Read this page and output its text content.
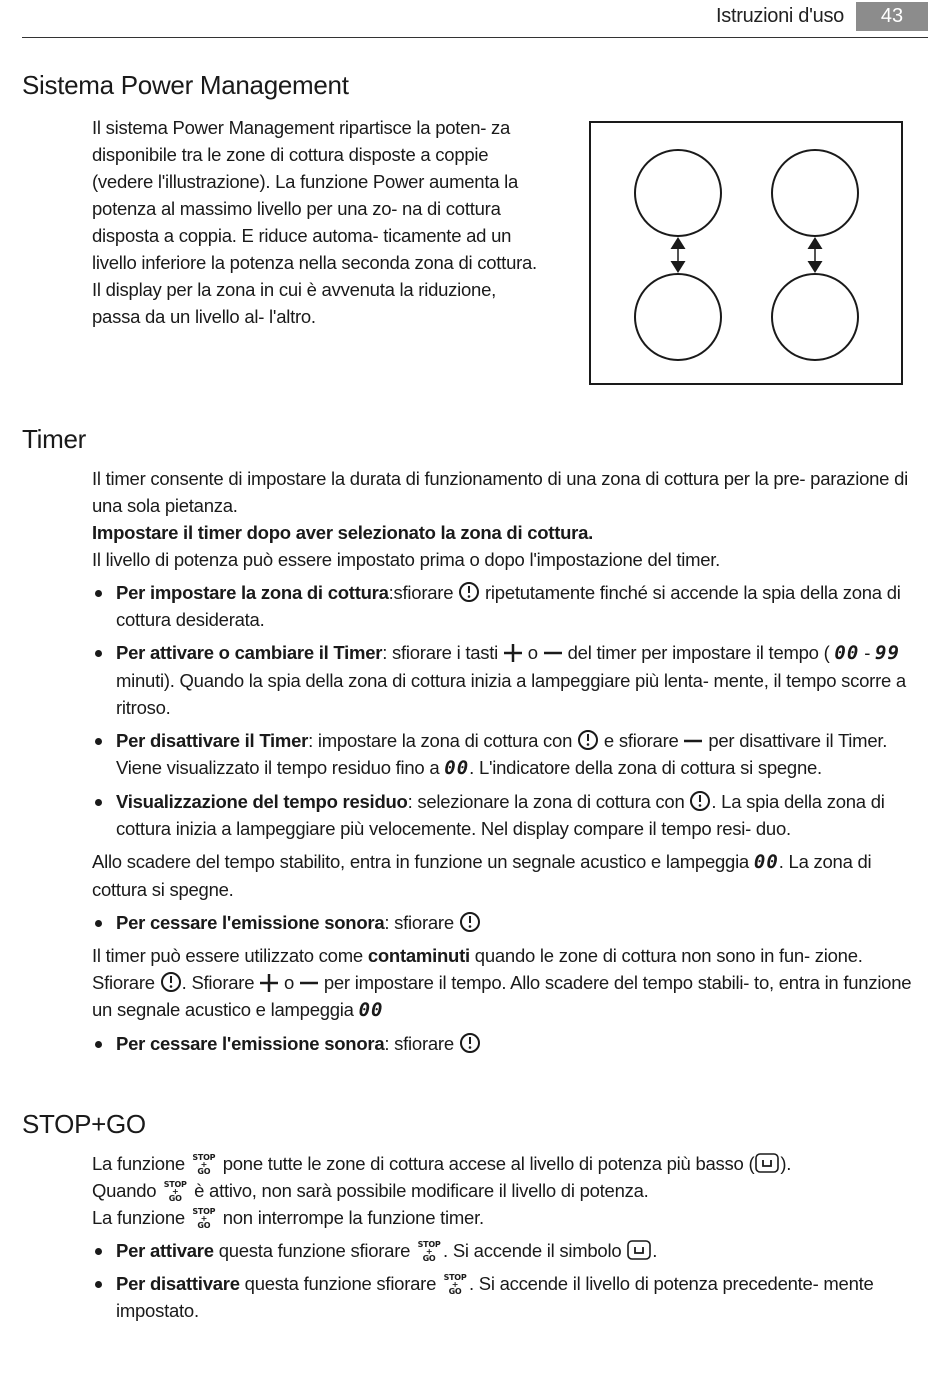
Istruzioni d'uso	43
Sistema Power Management

Il sistema Power Management ripartisce la poten- za disponibile tra le zone di cottura disposte a coppie (vedere l'illustrazione). La funzione Power aumenta la potenza al massimo livello per una zo- na di cottura disposta a coppia. E riduce automa- ticamente ad un livello inferiore la potenza nella seconda zona di cottura. Il display per la zona in cui è avvenuta la riduzione, passa da un livello al- l'altro.

Timer

Il timer consente di impostare la durata di funzionamento di una zona di cottura per la pre- parazione di una sola pietanza.

Impostare il timer dopo aver selezionato la zona di cottura.

Il livello di potenza può essere impostato prima o dopo l'impostazione del timer.

Per impostare la zona di cottura:sfiorare ripetutamente finché si accende la spia della zona di cottura desiderata.
Per attivare o cambiare il Timer: sfiorare i tasti o del timer per impostare il tempo ( 00 - 99 minuti). Quando la spia della zona di cottura inizia a lampeggiare più lenta- mente, il tempo scorre a ritroso.
Per disattivare il Timer: impostare la zona di cottura con e sfiorare per disattivare il Timer. Viene visualizzato il tempo residuo fino a 00. L'indicatore della zona di cottura si spegne.
Visualizzazione del tempo residuo: selezionare la zona di cottura con . La spia della zona di cottura inizia a lampeggiare più velocemente. Nel display compare il tempo resi- duo.

Allo scadere del tempo stabilito, entra in funzione un segnale acustico e lampeggia 00. La zona di cottura si spegne.

Per cessare l'emissione sonora: sfiorare

Il timer può essere utilizzato come contaminuti quando le zone di cottura non sono in fun- zione. Sfiorare . Sfiorare o per impostare il tempo. Allo scadere del tempo stabili- to, entra in funzione un segnale acustico e lampeggia 00

Per cessare l'emissione sonora: sfiorare
STOP+GO

La funzione STOP
+
GO pone tutte le zone di cottura accese al livello di potenza più basso ( ).

Quando STOP
+
GO è attivo, non sarà possibile modificare il livello di potenza.

La funzione STOP
+
GO non interrompe la funzione timer.

Per attivare questa funzione sfiorare STOP
+
GO . Si accende il simbolo .
Per disattivare questa funzione sfiorare STOP
+
GO . Si accende il livello di potenza precedente- mente impostato.
